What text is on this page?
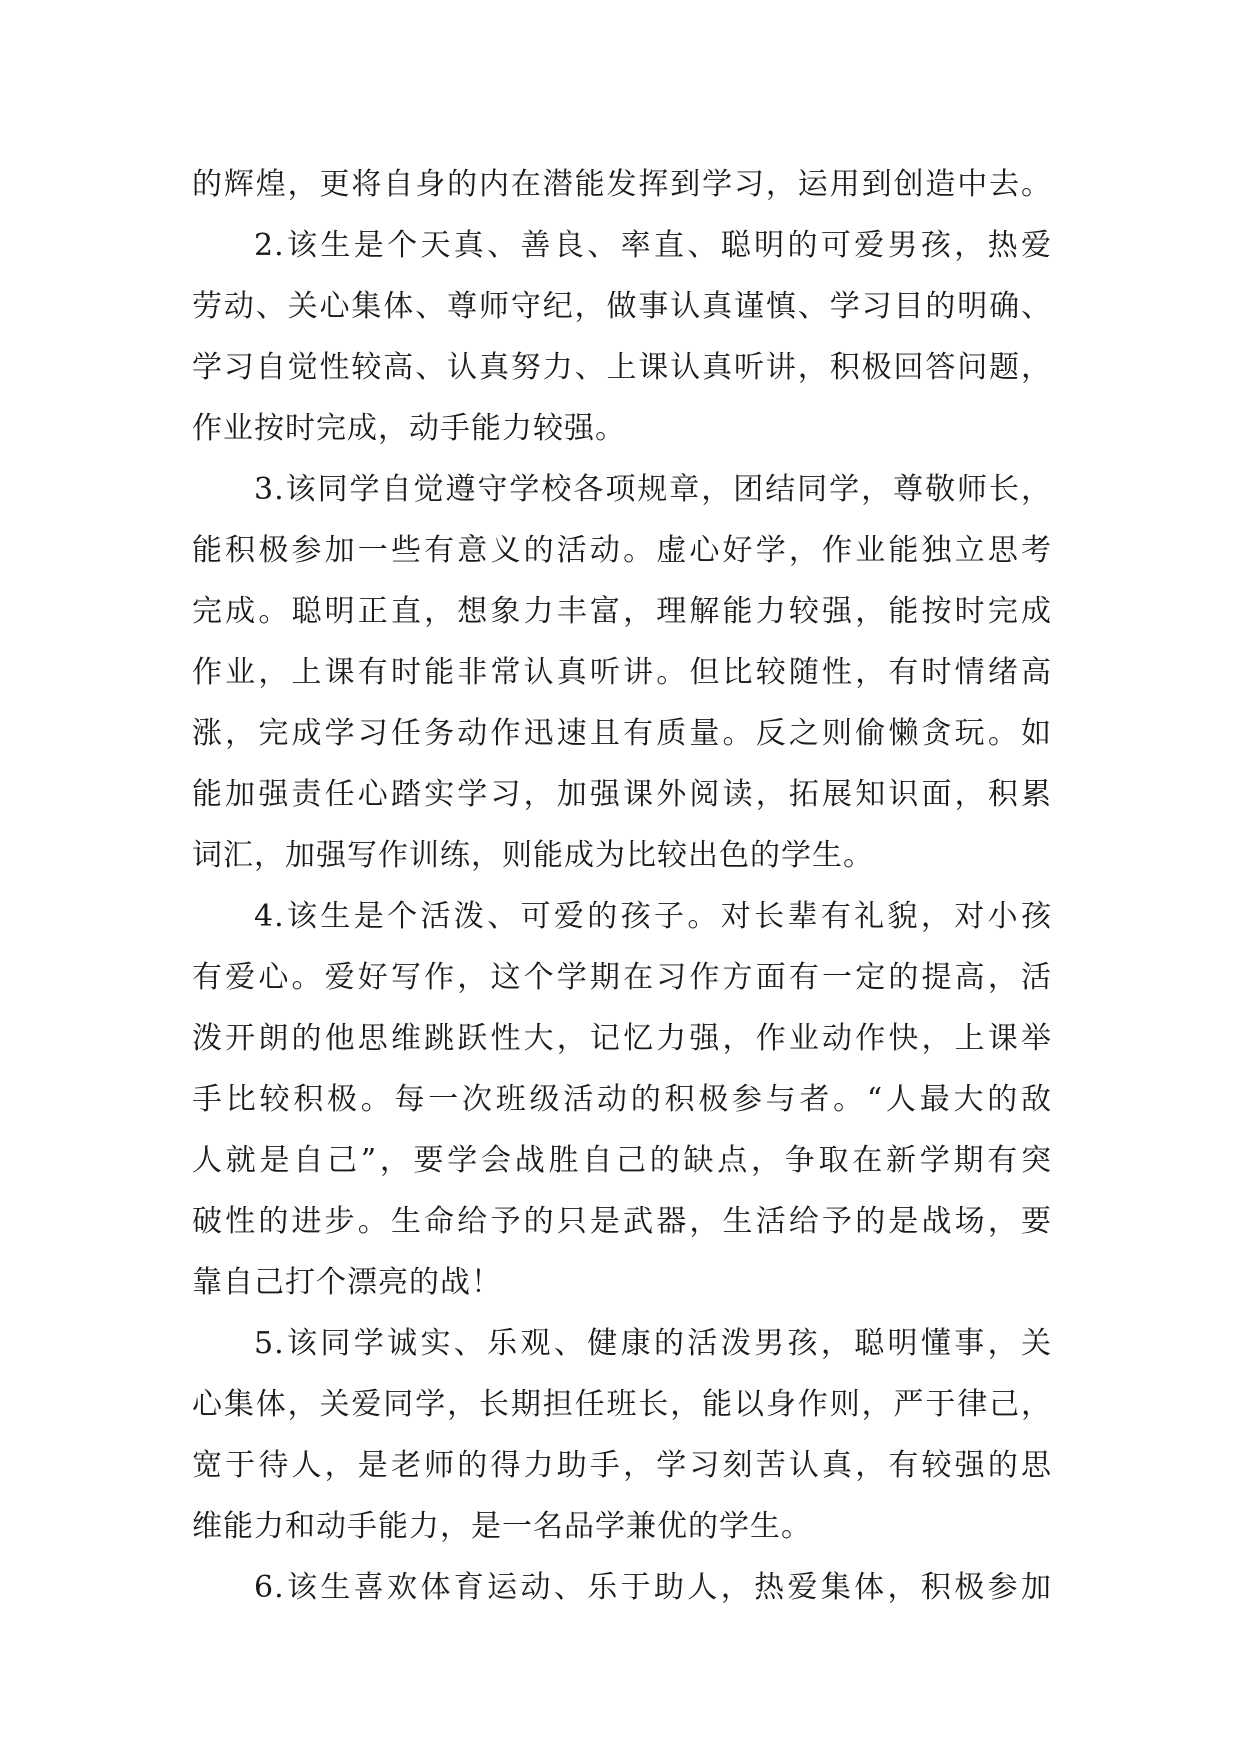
的辉煌，更将自身的内在潜能发挥到学习，运用到创造中去。
2.该生是个天真、善良、率直、聪明的可爱男孩，热爱
劳动、关心集体、尊师守纪，做事认真谨慎、学习目的明确、
学习自觉性较高、认真努力、上课认真听讲，积极回答问题，
作业按时完成，动手能力较强。
3.该同学自觉遵守学校各项规章，团结同学，尊敬师长，
能积极参加一些有意义的活动。虚心好学，作业能独立思考
完成。聪明正直，想象力丰富，理解能力较强，能按时完成
作业，上课有时能非常认真听讲。但比较随性，有时情绪高
涨，完成学习任务动作迅速且有质量。反之则偷懒贪玩。如
能加强责任心踏实学习，加强课外阅读，拓展知识面，积累
词汇，加强写作训练，则能成为比较出色的学生。
4.该生是个活泼、可爱的孩子。对长辈有礼貌，对小孩
有爱心。爱好写作，这个学期在习作方面有一定的提高，活
泼开朗的他思维跳跃性大，记忆力强，作业动作快，上课举
手比较积极。每一次班级活动的积极参与者。“人最大的敌
人就是自己”，要学会战胜自己的缺点，争取在新学期有突
破性的进步。生命给予的只是武器，生活给予的是战场，要
靠自己打个漂亮的战！
5.该同学诚实、乐观、健康的活泼男孩，聪明懂事，关
心集体，关爱同学，长期担任班长，能以身作则，严于律己，
宽于待人，是老师的得力助手，学习刻苦认真，有较强的思
维能力和动手能力，是一名品学兼优的学生。
6.该生喜欢体育运动、乐于助人，热爱集体，积极参加
